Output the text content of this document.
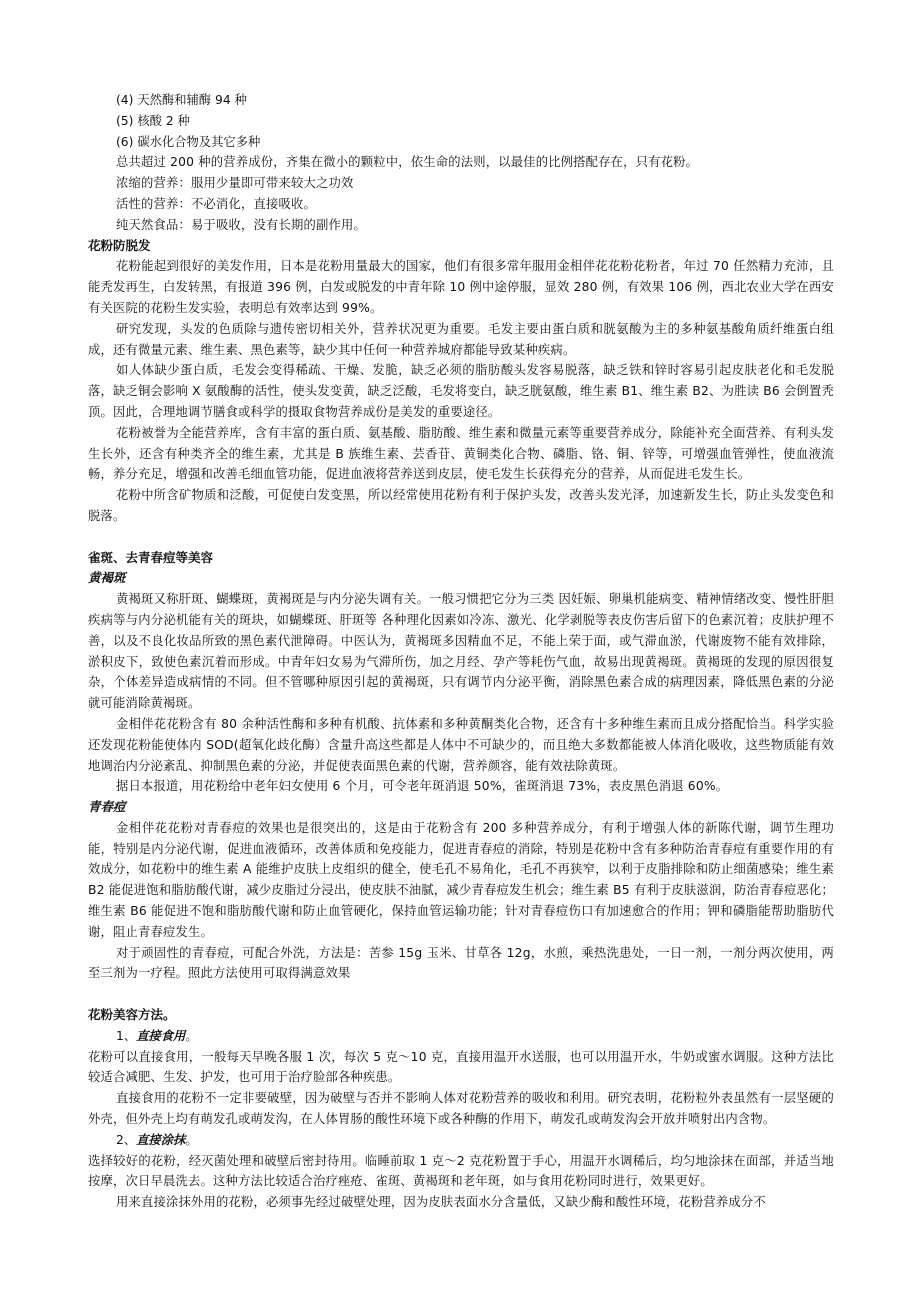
(4) 天然酶和辅酶 94 种

(5) 核酸 2 种

(6) 碳水化合物及其它多种

总共超过 200 种的营养成份，齐集在微小的颗粒中，依生命的法则，以最佳的比例搭配存在，只有花粉。

浓缩的营养：服用少量即可带来较大之功效

活性的营养：不必消化，直接吸收。

纯天然食品：易于吸收，没有长期的副作用。

花粉防脱发

花粉能起到很好的美发作用，日本是花粉用量最大的国家，他们有很多常年服用金相伴花花粉花粉者，年过 70 任然精力充沛，且能秃发再生，白发转黑，有报道 396 例，白发或脱发的中青年除 10 例中途停服，显效 280 例，有效果 106 例，西北农业大学在西安有关医院的花粉生发实验，表明总有效率达到 99%。

研究发现，头发的色质除与遗传密切相关外，营养状况更为重要。毛发主要由蛋白质和胱氨酸为主的多种氨基酸角质纤维蛋白组成，还有微量元素、维生素、黑色素等，缺少其中任何一种营养城府都能导致某种疾病。

如人体缺少蛋白质，毛发会变得稀疏、干燥、发脆，缺乏必须的脂肪酸头发容易脱落，缺乏铁和锌时容易引起皮肤老化和毛发脱落，缺乏铜会影响 X 氨酸酶的活性，使头发变黄，缺乏泛酸，毛发将变白，缺乏胱氨酸，维生素 B1、维生素 B2、为胜读 B6 会倒置秃顶。因此，合理地调节膳食或科学的摄取食物营养成份是美发的重要途径。

花粉被誉为全能营养库，含有丰富的蛋白质、氨基酸、脂肪酸、维生素和微量元素等重要营养成分，除能补充全面营养、有利头发生长外，还含有种类齐全的维生素，尤其是 B 族维生素、芸香苷、黄铜类化合物、磷脂、铬、铜、锌等，可增强血管弹性，使血液流畅，养分充足，增强和改善毛细血管功能，促进血液将营养送到皮层，使毛发生长获得充分的营养，从而促进毛发生长。

花粉中所含矿物质和泛酸，可促使白发变黑，所以经常使用花粉有利于保护头发，改善头发光泽，加速新发生长，防止头发变色和脱落。

雀斑、去青春痘等美容

黄褐斑

黄褐斑又称肝斑、蝴蝶斑，黄褐斑是与内分泌失调有关。一般习惯把它分为三类 因妊娠、卵巢机能病变、精神情绪改变、慢性肝胆疾病等与内分泌机能有关的斑块，如蝴蝶斑、肝斑等 各种理化因素如冷冻、激光、化学剥脱等表皮伤害后留下的色素沉着；皮肤护理不善，以及不良化妆品所致的黑色素代泄障碍。中医认为，黄褐斑多因精血不足，不能上荣于面，或气滞血淤，代谢废物不能有效排除，淤积皮下，致使色素沉着而形成。中青年妇女易为气滞所伤，加之月经、孕产等耗伤气血，故易出现黄褐斑。黄褐斑的发现的原因很复杂，个体差异造成病情的不同。但不管哪种原因引起的黄褐斑，只有调节内分泌平衡，消除黑色素合成的病理因素，降低黑色素的分泌就可能消除黄褐斑。

金相伴花花粉含有 80 余种活性酶和多种有机酸、抗体素和多种黄酮类化合物，还含有十多种维生素而且成分搭配恰当。科学实验还发现花粉能使体内 SOD(超氧化歧化酶）含量升高这些都是人体中不可缺少的，而且绝大多数都能被人体消化吸收，这些物质能有效地调治内分泌紊乱、抑制黑色素的分泌，并促使表面黑色素的代谢，营养颜容，能有效祛除黄斑。

据日本报道，用花粉给中老年妇女使用 6 个月，可令老年斑消退 50%，雀斑消退 73%，表皮黑色消退 60%。

青春痘

金相伴花花粉对青春痘的效果也是很突出的，这是由于花粉含有 200 多种营养成分，有利于增强人体的新陈代谢，调节生理功能，特别是内分泌代谢，促进血液循环，改善体质和免疫能力，促进青春痘的消除，特别是花粉中含有多种防治青春痘有重要作用的有效成分，如花粉中的维生素 A 能维护皮肤上皮组织的健全，使毛孔不易角化，毛孔不再狭窄，以利于皮脂排除和防止细菌感染；维生素 B2 能促进饱和脂肪酸代谢，减少皮脂过分浸出，使皮肤不油腻，减少青春痘发生机会；维生素 B5 有利于皮肤滋润，防治青春痘恶化；维生素 B6 能促进不饱和脂肪酸代谢和防止血管硬化，保持血管运输功能；针对青春痘伤口有加速愈合的作用；钾和磷脂能帮助脂肪代谢，阻止青春痘发生。

对于顽固性的青春痘，可配合外洗，方法是：苦参 15g 玉米、甘草各 12g，水煎，乘热洗患处，一日一剂，一剂分两次使用，两至三剂为一疗程。照此方法使用可取得满意效果

花粉美容方法。

1、直接食用。

花粉可以直接食用，一般每天早晚各服 1 次，每次 5 克～10 克，直接用温开水送服，也可以用温开水，牛奶或蜜水调服。这种方法比较适合减肥、生发、护发，也可用于治疗脸部各种疾患。

直接食用的花粉不一定非要破壁，因为破壁与否并不影响人体对花粉营养的吸收和利用。研究表明，花粉粒外表虽然有一层坚硬的外壳，但外壳上均有萌发孔或萌发沟，在人体胃肠的酸性环境下或各种酶的作用下，萌发孔或萌发沟会开放并喷射出内含物。

2、直接涂抹。

选择较好的花粉，经灭菌处理和破壁后密封待用。临睡前取 1 克～2 克花粉置于手心，用温开水调稀后，均匀地涂抹在面部，并适当地按摩，次日早晨洗去。这种方法比较适合治疗痤疮、雀斑、黄褐斑和老年斑，如与食用花粉同时进行，效果更好。

用来直接涂抹外用的花粉，必须事先经过破壁处理，因为皮肤表面水分含量低，又缺少酶和酸性环境，花粉营养成分不
